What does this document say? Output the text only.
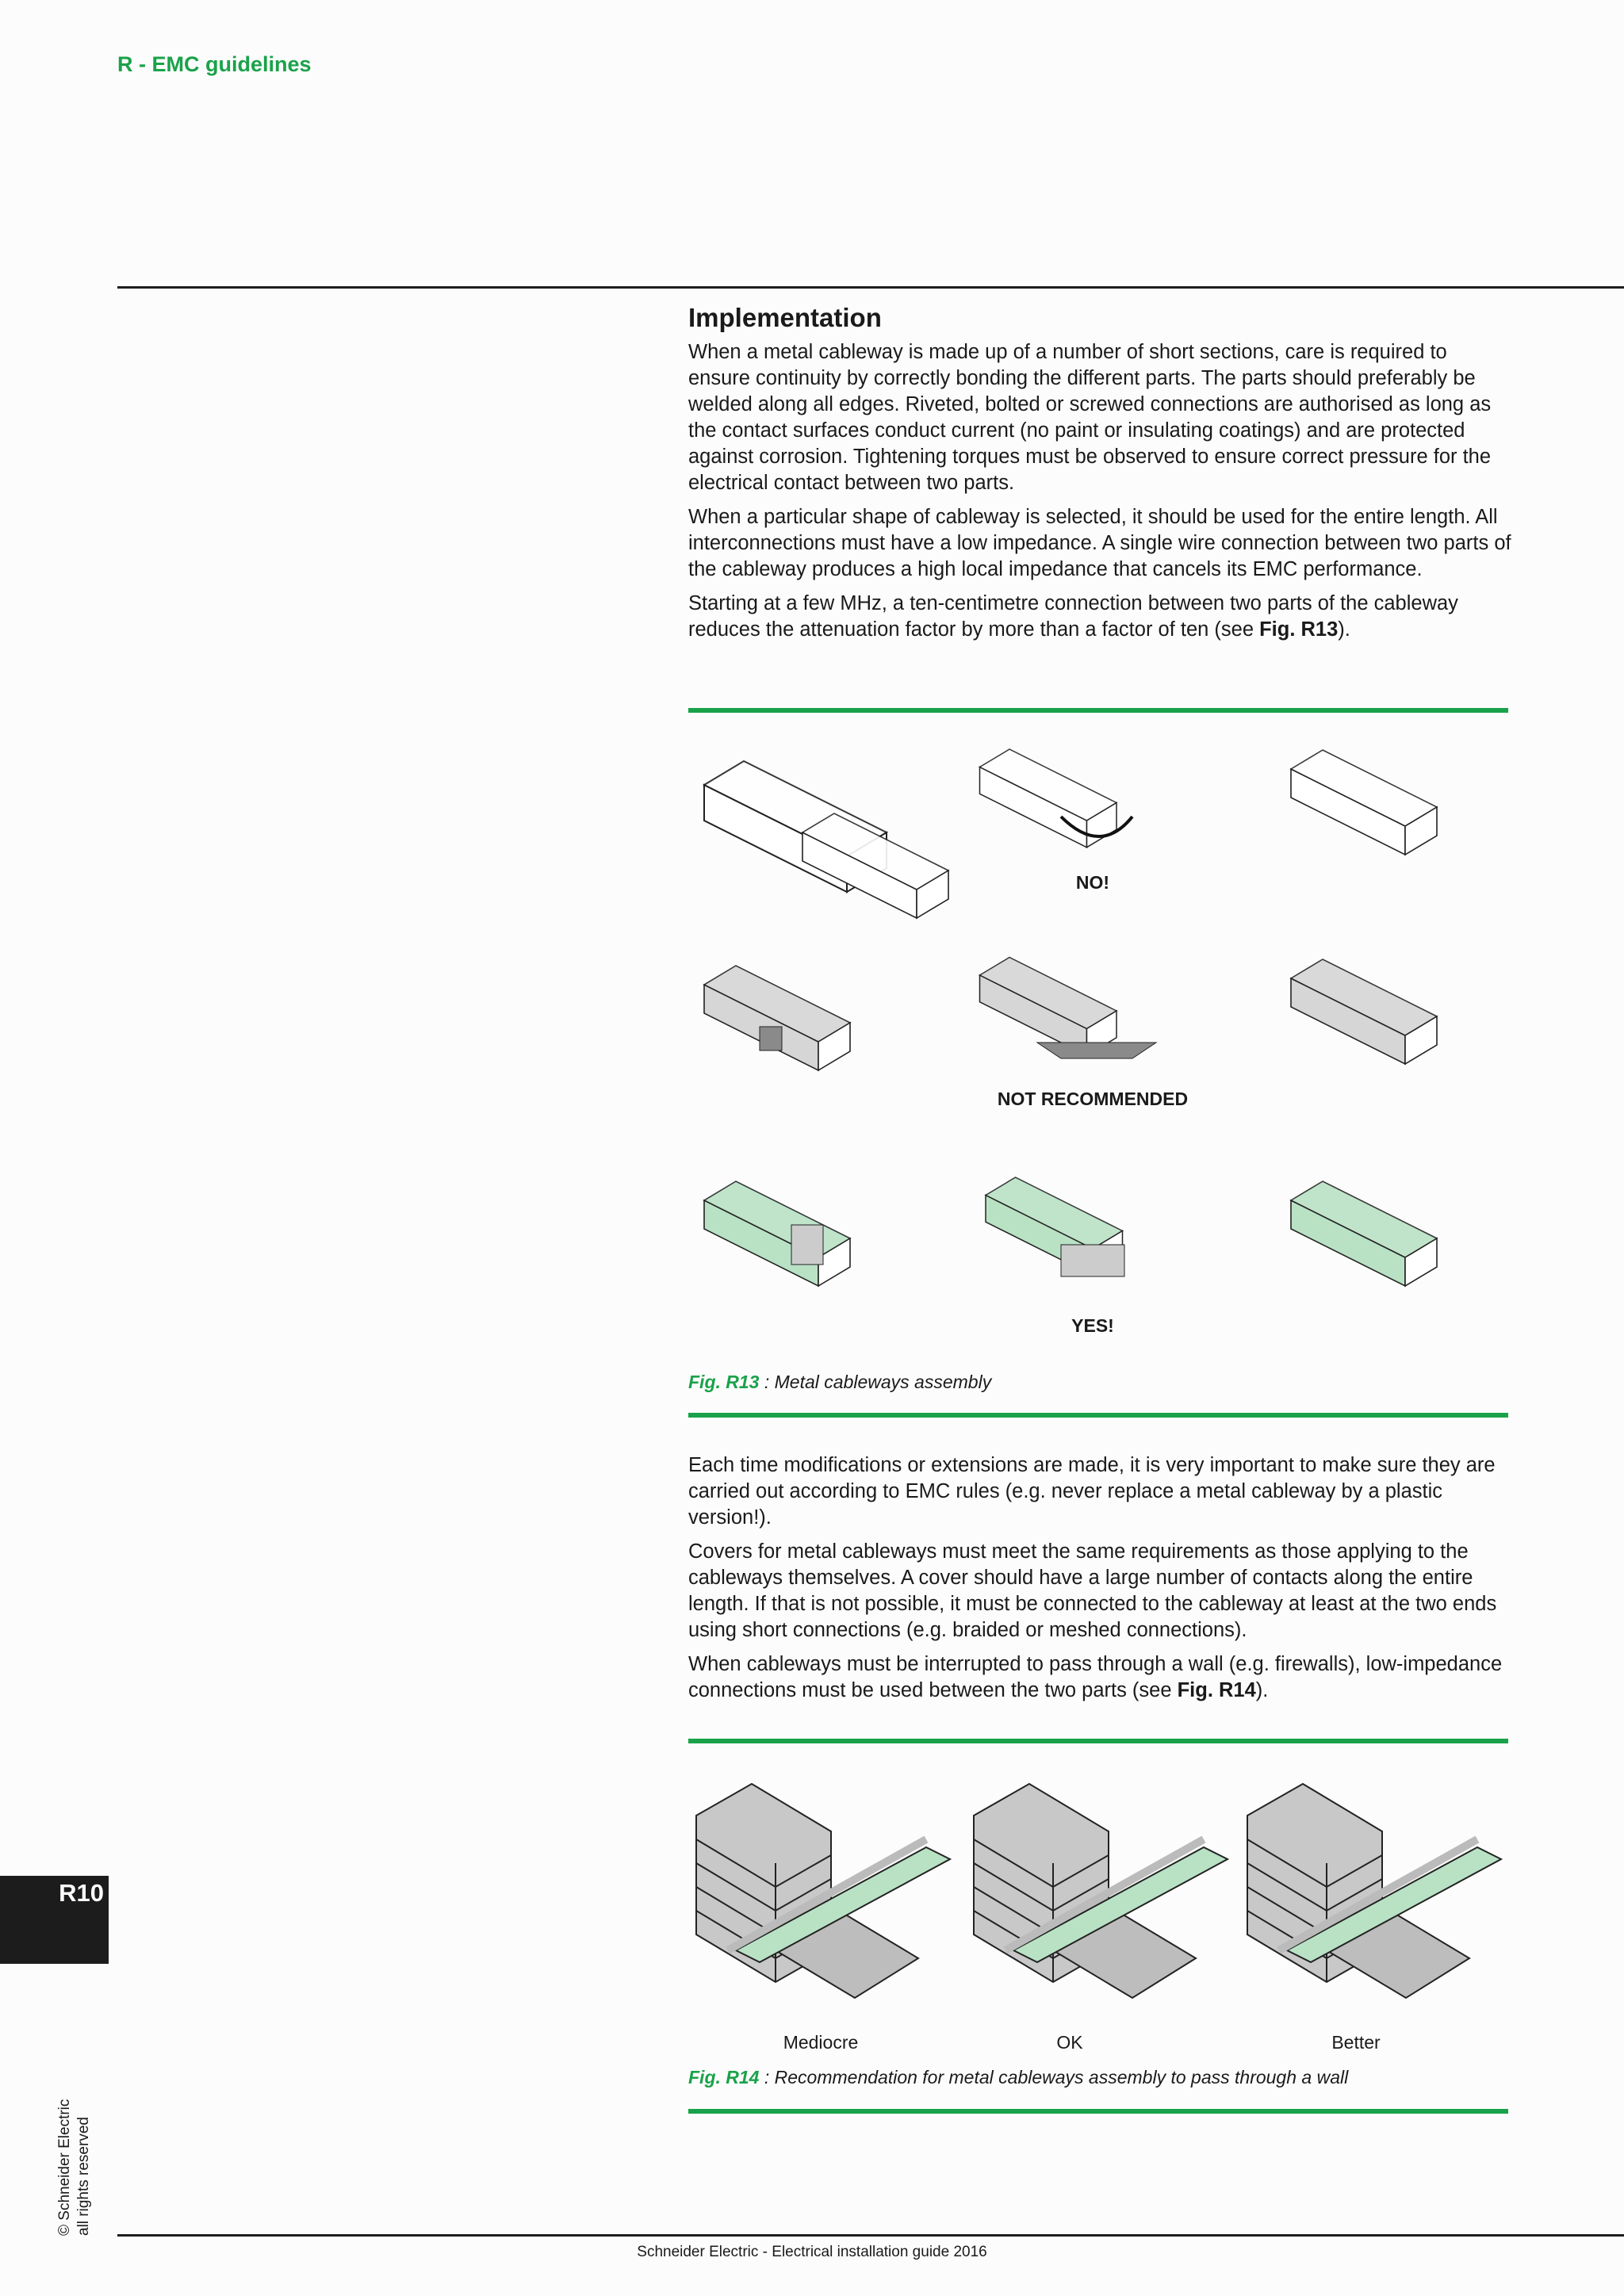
R - EMC guidelines
Implementation

When a metal cableway is made up of a number of short sections, care is required to ensure continuity by correctly bonding the different parts. The parts should preferably be welded along all edges. Riveted, bolted or screwed connections are authorised as long as the contact surfaces conduct current (no paint or insulating coatings) and are protected against corrosion. Tightening torques must be observed to ensure correct pressure for the electrical contact between two parts.

When a particular shape of cableway is selected, it should be used for the entire length. All interconnections must have a low impedance. A single wire connection between two parts of the cableway produces a high local impedance that cancels its EMC performance.

Starting at a few MHz, a ten-centimetre connection between two parts of the cableway reduces the attenuation factor by more than a factor of ten (see Fig. R13).

NO!
NOT RECOMMENDED
YES!
Fig. R13 : Metal cableways assembly

Each time modifications or extensions are made, it is very important to make sure they are carried out according to EMC rules (e.g. never replace a metal cableway by a plastic version!).

Covers for metal cableways must meet the same requirements as those applying to the cableways themselves. A cover should have a large number of contacts along the entire length. If that is not possible, it must be connected to the cableway at least at the two ends using short connections (e.g. braided or meshed connections).

When cableways must be interrupted to pass through a wall (e.g. firewalls), low-impedance connections must be used between the two parts (see Fig. R14).

Mediocre	OK	Better
Fig. R14 : Recommendation for metal cableways assembly to pass through a wall
R10
© Schneider Electric all rights reserved
Schneider Electric - Electrical installation guide 2016
